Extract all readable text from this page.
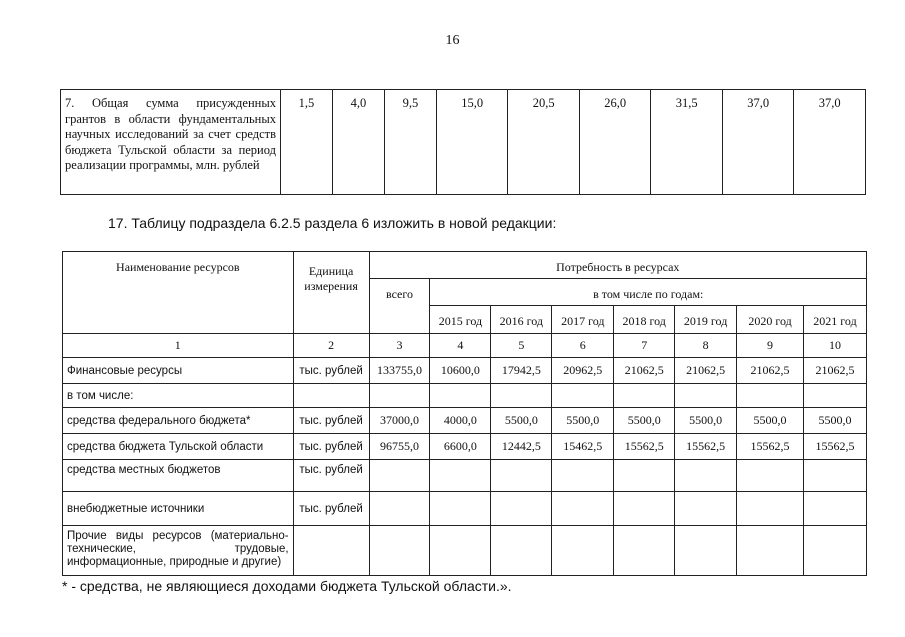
16
7. Общая сумма присужденных грантов в области фундаментальных научных исследований за счет средств бюджета Тульской области за период реализации программы, млн. рублей	1,5	4,0	9,5	15,0	20,5	26,0	31,5	37,0	37,0
17. Таблицу подраздела 6.2.5 раздела 6 изложить в новой редакции:
Наименование ресурсов	Единица измерения	Потребность в ресурсах							
		всего	в том числе по годам:						
			2015 год	2016 год	2017 год	2018 год	2019 год	2020 год	2021 год
1	2	3	4	5	6	7	8	9	10
Финансовые ресурсы	тыс. рублей	133755,0	10600,0	17942,5	20962,5	21062,5	21062,5	21062,5	21062,5
в том числе:									
средства федерального бюджета*	тыс. рублей	37000,0	4000,0	5500,0	5500,0	5500,0	5500,0	5500,0	5500,0
средства бюджета Тульской области	тыс. рублей	96755,0	6600,0	12442,5	15462,5	15562,5	15562,5	15562,5	15562,5
средства местных бюджетов	тыс. рублей								
внебюджетные источники	тыс. рублей								
Прочие виды ресурсов (материально-технические, трудовые, информационные, природные и другие)									
* - средства, не являющиеся доходами бюджета Тульской области.».
